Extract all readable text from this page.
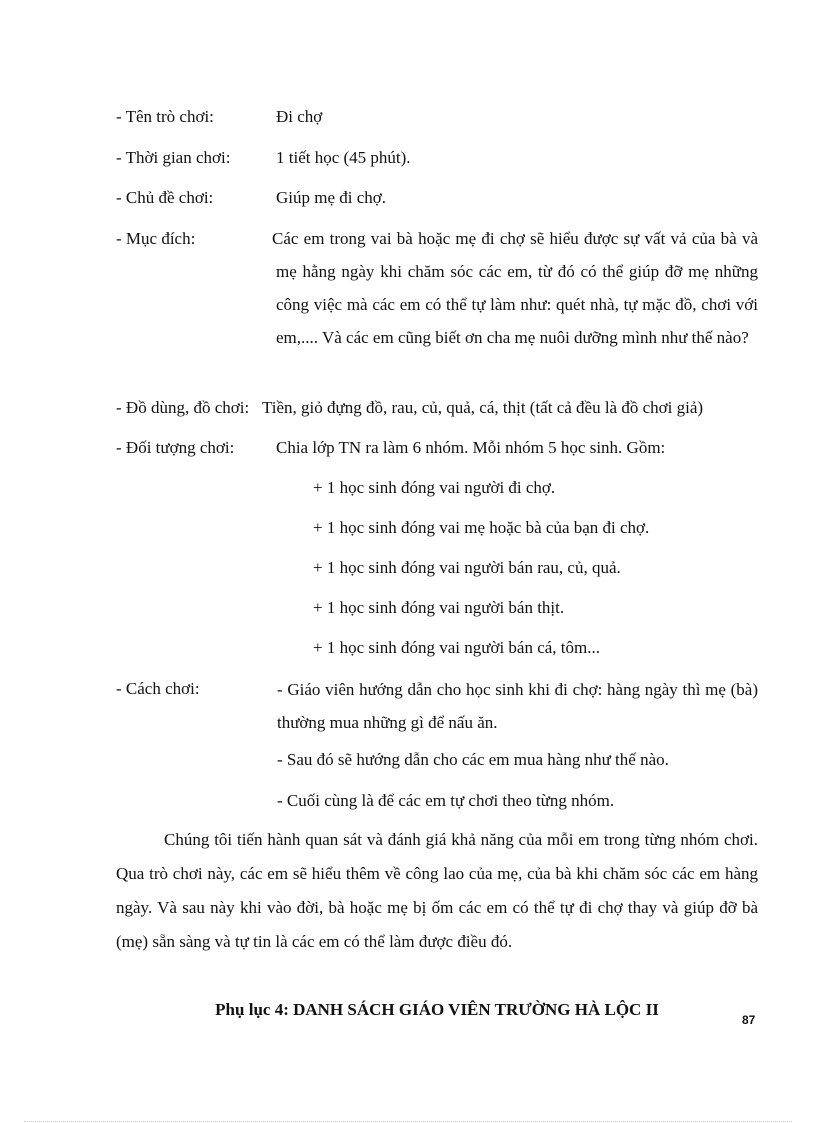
- Tên trò chơi:	Đi chợ
- Thời gian chơi:	1 tiết học (45 phút).
- Chủ đề chơi:	Giúp mẹ đi chợ.
- Mục đích:	Các em trong vai bà hoặc mẹ đi chợ sẽ hiểu được sự vất vả của bà và mẹ hằng ngày khi chăm sóc các em, từ đó có thể giúp đỡ mẹ những công việc mà các em có thể tự làm như: quét nhà, tự mặc đồ, chơi với em,.... Và các em cũng biết ơn cha mẹ nuôi dưỡng mình như thế nào?
- Đồ dùng, đồ chơi: Tiền, giỏ đựng đồ, rau, củ, quả, cá, thịt (tất cả đều là đồ chơi giả)
- Đối tượng chơi: Chia lớp TN ra làm 6 nhóm. Mỗi nhóm 5 học sinh. Gồm:
+ 1 học sinh đóng vai người đi chợ.
+ 1 học sinh đóng vai mẹ hoặc bà của bạn đi chợ.
+ 1 học sinh đóng vai người bán rau, củ, quả.
+ 1 học sinh đóng vai người bán thịt.
+ 1 học sinh đóng vai người bán cá, tôm...
- Cách chơi:	- Giáo viên hướng dẫn cho học sinh khi đi chợ: hàng ngày thì mẹ (bà) thường mua những gì để nấu ăn.
- Sau đó sẽ hướng dẫn cho các em mua hàng như thế nào.
- Cuối cùng là để các em tự chơi theo từng nhóm.
Chúng tôi tiến hành quan sát và đánh giá khả năng của mỗi em trong từng nhóm chơi. Qua trò chơi này, các em sẽ hiểu thêm về công lao của mẹ, của bà khi chăm sóc các em hàng ngày. Và sau này khi vào đời, bà hoặc mẹ bị ốm các em có thể tự đi chợ thay và giúp đỡ bà (mẹ) sẵn sàng và tự tin là các em có thể làm được điều đó.
Phụ lục 4: DANH SÁCH GIÁO VIÊN TRƯỜNG HÀ LỘC II
87
